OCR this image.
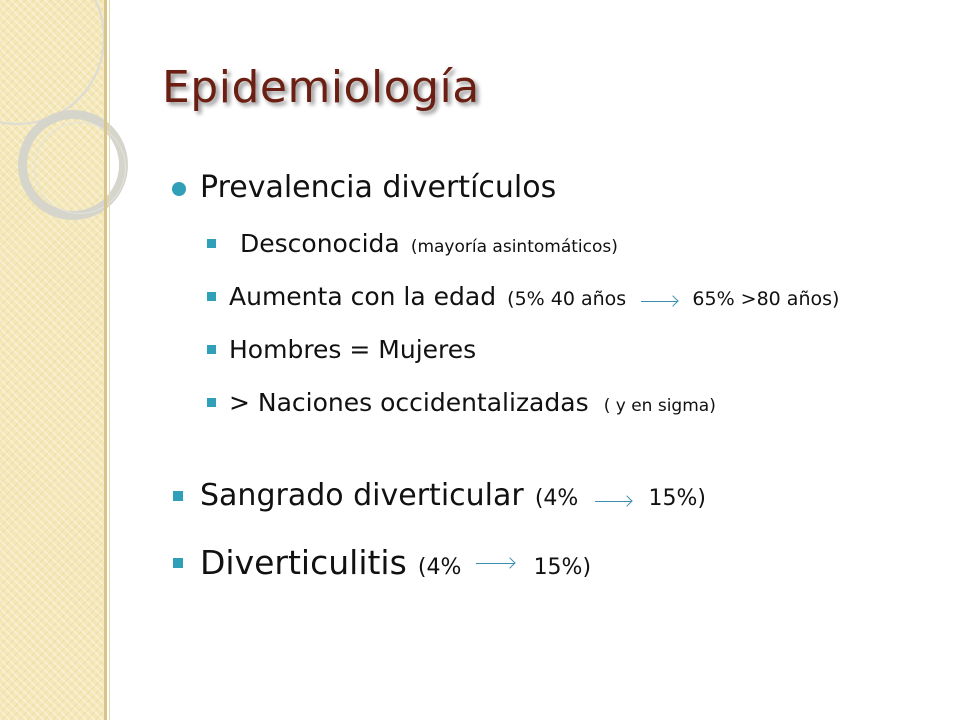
Epidemiología
Prevalencia divertículos
Desconocida (mayoría asintomáticos)
Aumenta con la edad (5% 40 años	65% >80 años)
Hombres = Mujeres
> Naciones occidentalizadas ( y en sigma)
Sangrado diverticular (4%	15%)
Diverticulitis (4%	15%)
